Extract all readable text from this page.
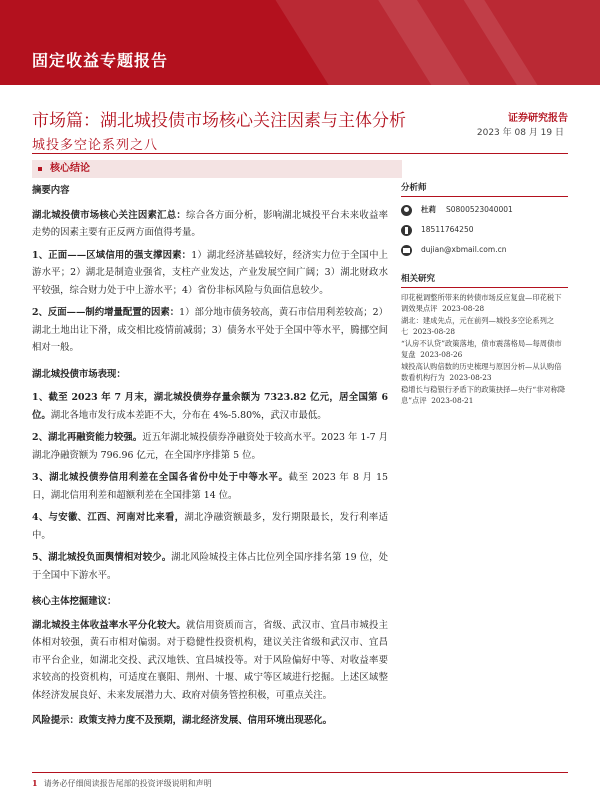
固定收益专题报告
市场篇：湖北城投债市场核心关注因素与主体分析
城投多空论系列之八
证券研究报告
2023 年 08 月 19 日
核心结论
摘要内容

湖北城投债市场核心关注因素汇总：综合各方面分析，影响湖北城投平台未来收益率走势的因素主要有正反两方面值得考量。

1、正面——区域信用的强支撑因素：1）湖北经济基础较好，经济实力位于全国中上游水平；2）湖北是制造业强省，支柱产业发达，产业发展空间广阔；3）湖北财政水平较强，综合财力处于中上游水平；4）省份非标风险与负面信息较少。

2、反面——制约增量配置的因素：1）部分地市债务较高，黄石市信用利差较高；2）湖北土地出让下滑，成交相比疫情前减弱；3）债务水平处于全国中等水平，腾挪空间相对一般。

湖北城投债市场表现：

1、截至 2023 年 7 月末，湖北城投债券存量余额为 7323.82 亿元，居全国第 6 位。湖北各地市发行成本差距不大，分布在 4%-5.80%，武汉市最低。

2、湖北再融资能力较强。近五年湖北城投债券净融资处于较高水平。2023 年 1-7 月湖北净融资额为 796.96 亿元，在全国序序排第 5 位。

3、湖北城投债券信用利差在全国各省份中处于中等水平。截至 2023 年 8 月 15 日，湖北信用利差和超额利差在全国排第 14 位。

4、与安徽、江西、河南对比来看，湖北净融资额最多，发行期限最长，发行利率适中。

5、湖北城投负面舆情相对较少。湖北风险城投主体占比位列全国序排名第 19 位，处于全国中下游水平。

核心主体挖掘建议：

湖北城投主体收益率水平分化较大。就信用资质而言，省级、武汉市、宜昌市城投主体相对较强，黄石市相对偏弱。对于稳健性投资机构，建议关注省级和武汉市、宜昌市平台企业，如湖北交投、武汉地铁、宜昌城投等。对于风险偏好中等、对收益率要求较高的投资机构，可适度在襄阳、荆州、十堰、咸宁等区域进行挖掘。上述区域整体经济发展良好、未来发展潜力大、政府对债务管控积极，可重点关注。

风险提示：政策支持力度不及预期，湖北经济发展、信用环境出现恶化。

分析师
杜莉 S0800523040001
18511764250
dujian@xbmail.com.cn
相关研究
印花税调整所带来的转债市场反应复盘—印花税下调效果点评 2023-08-28
湖北：建成先点，元在前列—城投多空论系列之七 2023-08-28
“认房不认贷”政策落地，债市震荡格局—每周债市复盘 2023-08-26
城投高认购倍数的历史梳理与原因分析—从认购倍数看机构行为 2023-08-23
稳增长与稳银行矛盾下的政策抉择—央行“非对称降息”点评 2023-08-21
1 请务必仔细阅读报告尾部的投资评级说明和声明
